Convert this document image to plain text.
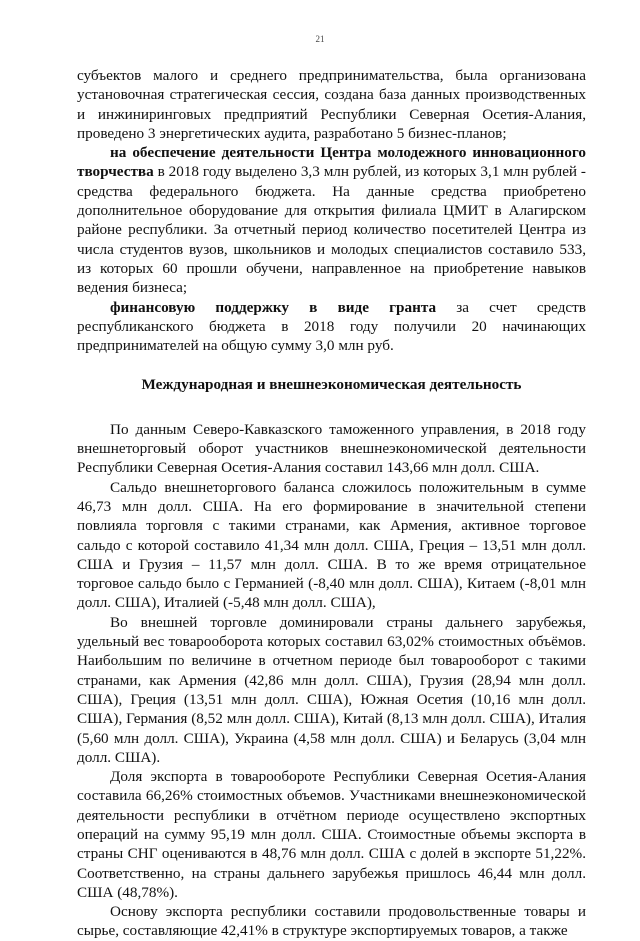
21

субъектов малого и среднего предпринимательства, была организована установочная стратегическая сессия, создана база данных производственных и инжиниринговых предприятий Республики Северная Осетия-Алания, проведено 3 энергетических аудита, разработано 5 бизнес-планов;

на обеспечение деятельности Центра молодежного инновационного творчества в 2018 году выделено 3,3 млн рублей, из которых 3,1 млн рублей - средства федерального бюджета. На данные средства приобретено дополнительное оборудование для открытия филиала ЦМИТ в Алагирском районе республики. За отчетный период количество посетителей Центра из числа студентов вузов, школьников и молодых специалистов составило 533, из которых 60 прошли обучени, направленное на приобретение навыков ведения бизнеса;

финансовую поддержку в виде гранта за счет средств республиканского бюджета в 2018 году получили 20 начинающих предпринимателей на общую сумму 3,0 млн руб.

Международная и внешнеэкономическая деятельность

По данным Северо-Кавказского таможенного управления, в 2018 году внешнеторговый оборот участников внешнеэкономической деятельности Республики Северная Осетия-Алания составил 143,66 млн долл. США.

Сальдо внешнеторгового баланса сложилось положительным в сумме 46,73 млн долл. США. На его формирование в значительной степени повлияла торговля с такими странами, как Армения, активное торговое сальдо с которой составило 41,34 млн долл. США, Греция – 13,51 млн долл. США и Грузия – 11,57 млн долл. США. В то же время отрицательное торговое сальдо было с Германией (-8,40 млн долл. США), Китаем (-8,01 млн долл. США), Италией (-5,48 млн долл. США),

Во внешней торговле доминировали страны дальнего зарубежья, удельный вес товарооборота которых составил 63,02% стоимостных объёмов. Наибольшим по величине в отчетном периоде был товарооборот с такими странами, как Армения (42,86 млн долл. США), Грузия (28,94 млн долл. США), Греция (13,51 млн долл. США), Южная Осетия (10,16 млн долл. США), Германия (8,52 млн долл. США), Китай (8,13 млн долл. США), Италия (5,60 млн долл. США), Украина (4,58 млн долл. США) и Беларусь (3,04 млн долл. США).

Доля экспорта в товарообороте Республики Северная Осетия-Алания составила 66,26% стоимостных объемов. Участниками внешнеэкономической деятельности республики в отчётном периоде осуществлено экспортных операций на сумму 95,19 млн долл. США. Стоимостные объемы экспорта в страны СНГ оцениваются в 48,76 млн долл. США с долей в экспорте 51,22%. Соответственно, на страны дальнего зарубежья пришлось 46,44 млн долл. США (48,78%).

Основу экспорта республики составили продовольственные товары и сырье, составляющие 42,41% в структуре экспортируемых товаров, а также
